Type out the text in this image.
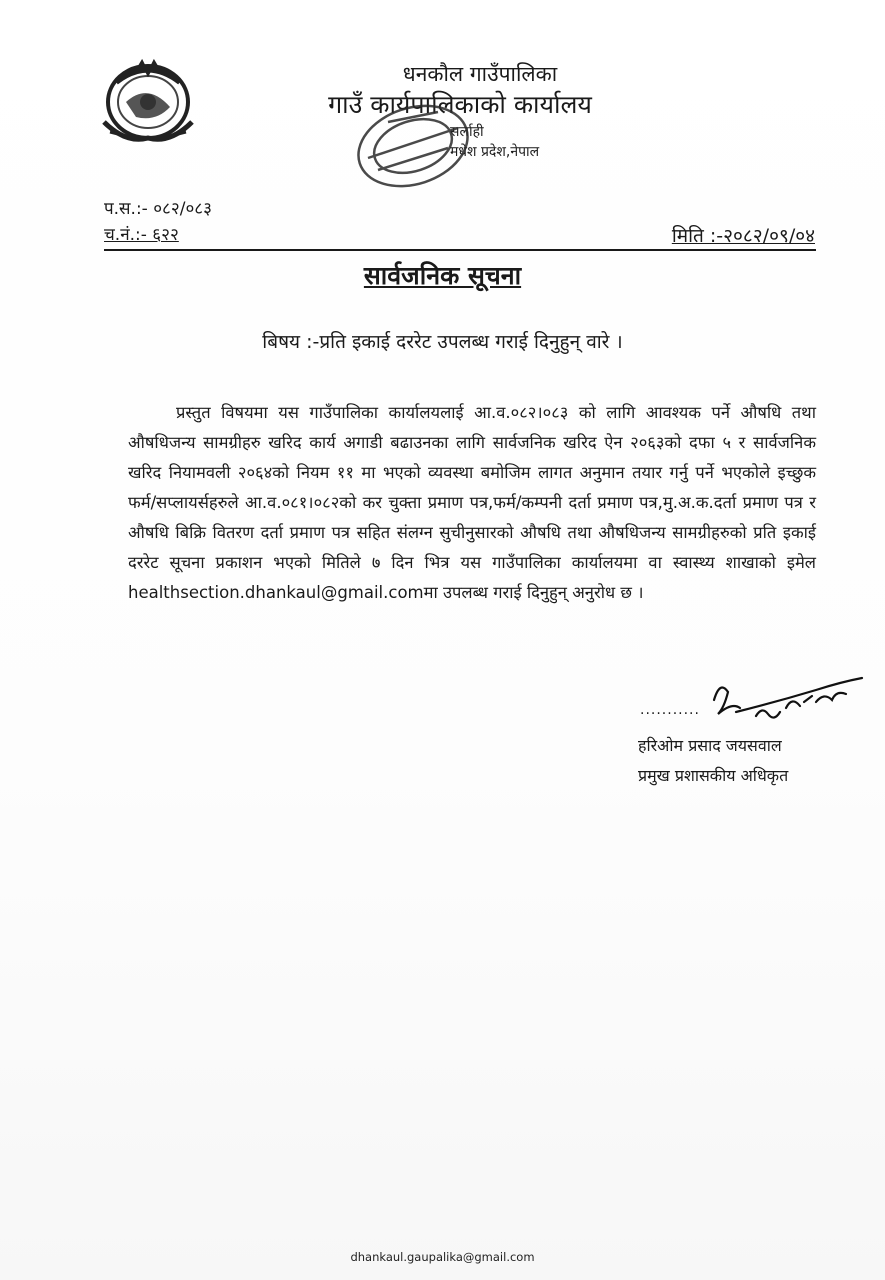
धनकौल गाउँपालिका
गाउँ कार्यपालिकाको कार्यालय
सर्लाही
मधेश प्रदेश,नेपाल
प.स.:- ०८२/०८३
च.नं.:- ६२२	मिति :-२०८२/०९/०४
सार्वजनिक सूचना
बिषय :-प्रति इकाई दररेट उपलब्ध गराई दिनुहुन् वारे ।
प्रस्तुत विषयमा यस गाउँपालिका कार्यालयलाई आ.व.०८२।०८३ को लागि आवश्यक पर्ने औषधि तथा औषधिजन्य सामग्रीहरु खरिद कार्य अगाडी बढाउनका लागि सार्वजनिक खरिद ऐन २०६३को दफा ५ र सार्वजनिक खरिद नियामवली २०६४को नियम ११ मा भएको व्यवस्था बमोजिम लागत अनुमान तयार गर्नु पर्ने भएकोले इच्छुक फर्म/सप्लायर्सहरुले आ.व.०८१।०८२को कर चुक्ता प्रमाण पत्र,फर्म/कम्पनी दर्ता प्रमाण पत्र,मु.अ.क.दर्ता प्रमाण पत्र र औषधि बिक्रि वितरण दर्ता प्रमाण पत्र सहित संलग्न सुचीनुसारको औषधि तथा औषधिजन्य सामग्रीहरुको प्रति इकाई दररेट सूचना प्रकाशन भएको मितिले ७ दिन भित्र यस गाउँपालिका कार्यालयमा वा स्वास्थ्य शाखाको इमेल healthsection.dhankaul@gmail.comमा उपलब्ध गराई दिनुहुन् अनुरोध छ ।
...........
हरिओम प्रसाद जयसवाल
प्रमुख प्रशासकीय अधिकृत
dhankaul.gaupalika@gmail.com
